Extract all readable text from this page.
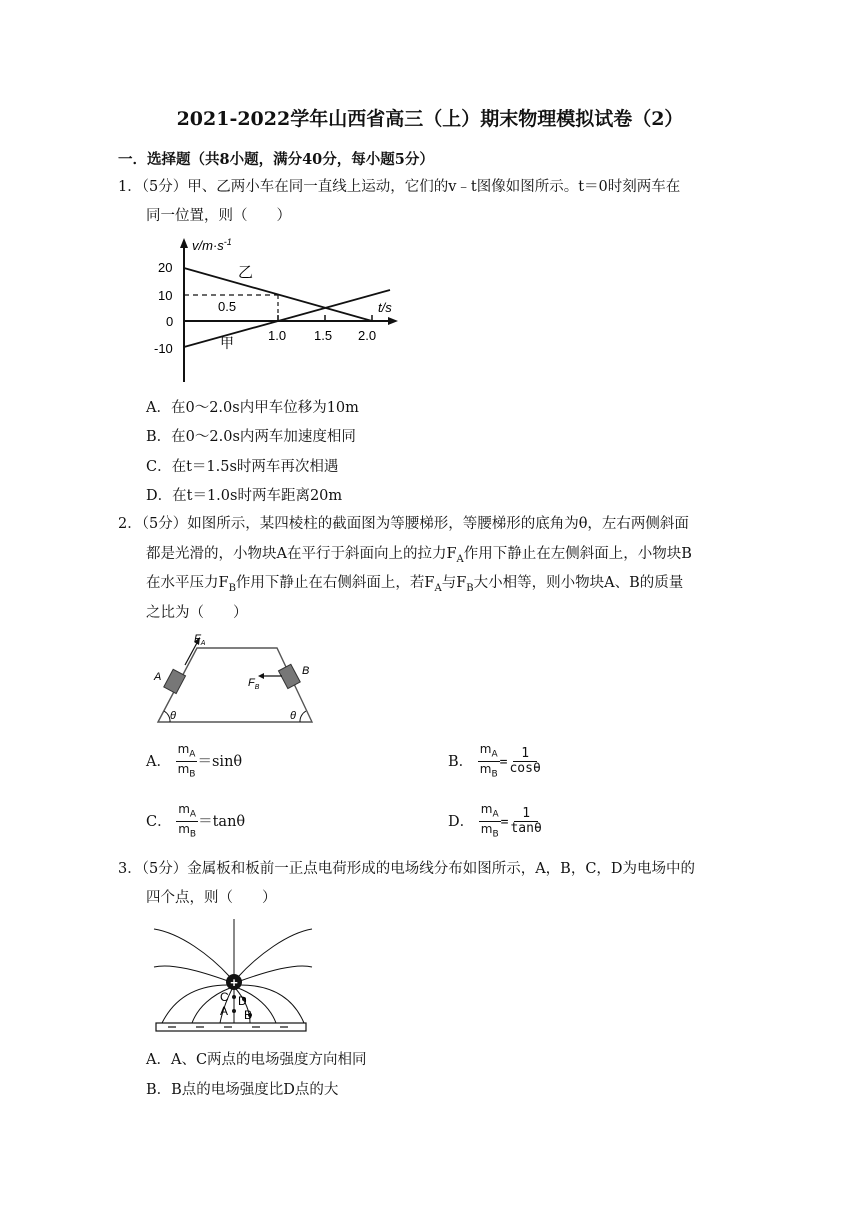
2021-2022学年山西省高三（上）期末物理模拟试卷（2）
一．选择题（共8小题，满分40分，每小题5分）
1．（5分）甲、乙两小车在同一直线上运动，它们的v﹣t图像如图所示。t＝0时刻两车在
同一位置，则（　　）
$v/m\cdot s^{-1}$
t/s
20
10
0
-10
0.5
1.0 1.5 2.0
乙
甲
A．在0～2.0s内甲车位移为10m
B．在0～2.0s内两车加速度相同
C．在t＝1.5s时两车再次相遇
D．在t＝1.0s时两车距离20m
2．（5分）如图所示，某四棱柱的截面图为等腰梯形，等腰梯形的底角为θ，左右两侧斜面
都是光滑的，小物块A在平行于斜面向上的拉力$F_A$作用下静止在左侧斜面上，小物块B
在水平压力$F_B$作用下静止在右侧斜面上，若$F_A$与$F_B$大小相等，则小物块A、B的质量
之比为（　　）
$F_A$
A	B
$F_B$
θ	θ
A． $\frac{m_A}{m_B} =\sin\theta$	B． $\frac{m_A}{m_B} = \frac{1}{\cos\theta}$
C． $\frac{m_A}{m_B} =\tan\theta$	D． $\frac{m_A}{m_B} = \frac{1}{\tan\theta}$
3．（5分）金属板和板前一正点电荷形成的电场线分布如图所示，A，B，C，D为电场中的
四个点，则（　　）
+
C
A
D
B
A．A、C两点的电场强度方向相同
B．B点的电场强度比D点的大
